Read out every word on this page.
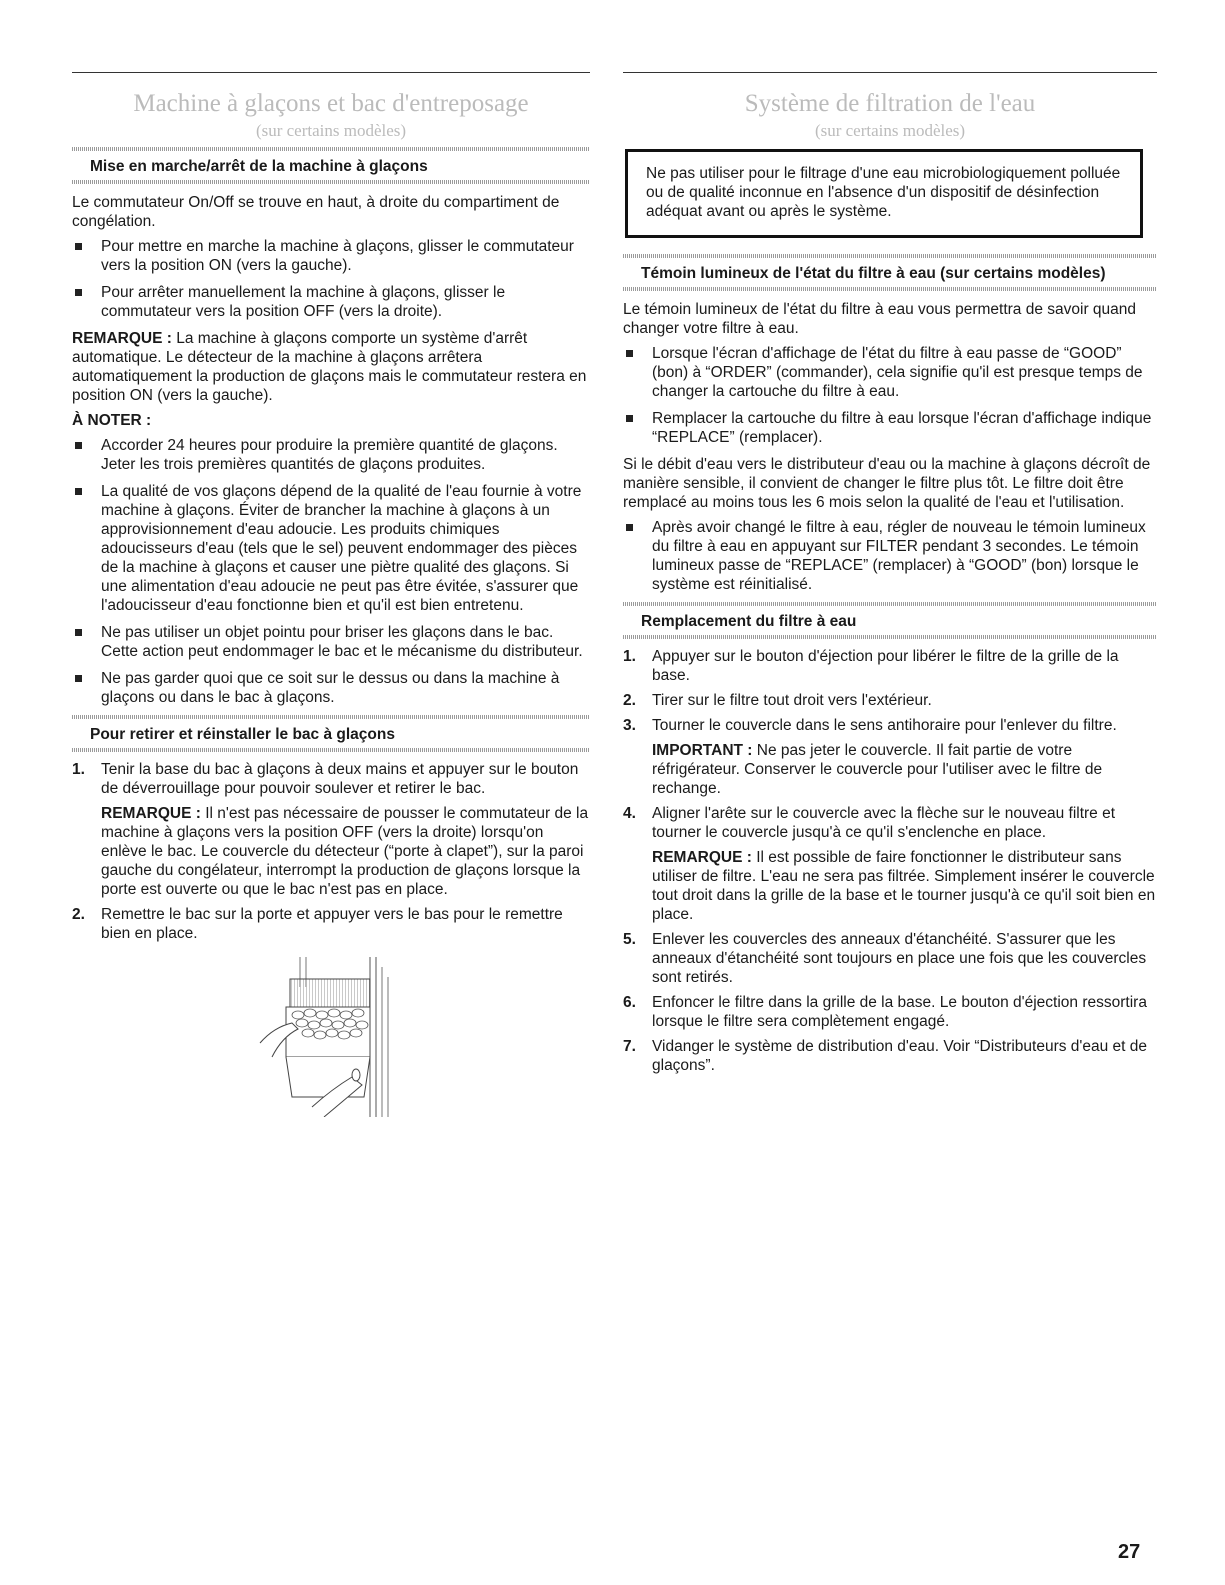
Machine à glaçons et bac d'entreposage
(sur certains modèles)
Mise en marche/arrêt de la machine à glaçons

Le commutateur On/Off se trouve en haut, à droite du compartiment de congélation.

Pour mettre en marche la machine à glaçons, glisser le commutateur vers la position ON (vers la gauche).
Pour arrêter manuellement la machine à glaçons, glisser le commutateur vers la position OFF (vers la droite).

REMARQUE : La machine à glaçons comporte un système d'arrêt automatique. Le détecteur de la machine à glaçons arrêtera automatiquement la production de glaçons mais le commutateur restera en position ON (vers la gauche).

À NOTER :
Accorder 24 heures pour produire la première quantité de glaçons. Jeter les trois premières quantités de glaçons produites.
La qualité de vos glaçons dépend de la qualité de l'eau fournie à votre machine à glaçons. Éviter de brancher la machine à glaçons à un approvisionnement d'eau adoucie. Les produits chimiques adoucisseurs d'eau (tels que le sel) peuvent endommager des pièces de la machine à glaçons et causer une piètre qualité des glaçons. Si une alimentation d'eau adoucie ne peut pas être évitée, s'assurer que l'adoucisseur d'eau fonctionne bien et qu'il est bien entretenu.
Ne pas utiliser un objet pointu pour briser les glaçons dans le bac. Cette action peut endommager le bac et le mécanisme du distributeur.
Ne pas garder quoi que ce soit sur le dessus ou dans la machine à glaçons ou dans le bac à glaçons.
Pour retirer et réinstaller le bac à glaçons
1. Tenir la base du bac à glaçons à deux mains et appuyer sur le bouton de déverrouillage pour pouvoir soulever et retirer le bac.

REMARQUE : Il n'est pas nécessaire de pousser le commutateur de la machine à glaçons vers la position OFF (vers la droite) lorsqu'on enlève le bac. Le couvercle du détecteur (“porte à clapet”), sur la paroi gauche du congélateur, interrompt la production de glaçons lorsque la porte est ouverte ou que le bac n'est pas en place.

2. Remettre le bac sur la porte et appuyer vers le bas pour le remettre bien en place.
Système de filtration de l'eau
(sur certains modèles)

Ne pas utiliser pour le filtrage d'une eau microbiologiquement polluée ou de qualité inconnue en l'absence d'un dispositif de désinfection adéquat avant ou après le système.

Témoin lumineux de l'état du filtre à eau (sur certains modèles)

Le témoin lumineux de l'état du filtre à eau vous permettra de savoir quand changer votre filtre à eau.

Lorsque l'écran d'affichage de l'état du filtre à eau passe de “GOOD” (bon) à “ORDER” (commander), cela signifie qu'il est presque temps de changer la cartouche du filtre à eau.
Remplacer la cartouche du filtre à eau lorsque l'écran d'affichage indique “REPLACE” (remplacer).

Si le débit d'eau vers le distributeur d'eau ou la machine à glaçons décroît de manière sensible, il convient de changer le filtre plus tôt. Le filtre doit être remplacé au moins tous les 6 mois selon la qualité de l'eau et l'utilisation.

Après avoir changé le filtre à eau, régler de nouveau le témoin lumineux du filtre à eau en appuyant sur FILTER pendant 3 secondes. Le témoin lumineux passe de “REPLACE” (remplacer) à “GOOD” (bon) lorsque le système est réinitialisé.
Remplacement du filtre à eau
1. Appuyer sur le bouton d'éjection pour libérer le filtre de la grille de la base.
2. Tirer sur le filtre tout droit vers l'extérieur.
3. Tourner le couvercle dans le sens antihoraire pour l'enlever du filtre.

IMPORTANT : Ne pas jeter le couvercle. Il fait partie de votre réfrigérateur. Conserver le couvercle pour l'utiliser avec le filtre de rechange.

4. Aligner l'arête sur le couvercle avec la flèche sur le nouveau filtre et tourner le couvercle jusqu'à ce qu'il s'enclenche en place.

REMARQUE : Il est possible de faire fonctionner le distributeur sans utiliser de filtre. L'eau ne sera pas filtrée. Simplement insérer le couvercle tout droit dans la grille de la base et le tourner jusqu'à ce qu'il soit bien en place.

5. Enlever les couvercles des anneaux d'étanchéité. S'assurer que les anneaux d'étanchéité sont toujours en place une fois que les couvercles sont retirés.
6. Enfoncer le filtre dans la grille de la base. Le bouton d'éjection ressortira lorsque le filtre sera complètement engagé.
7. Vidanger le système de distribution d'eau. Voir “Distributeurs d'eau et de glaçons”.
27
